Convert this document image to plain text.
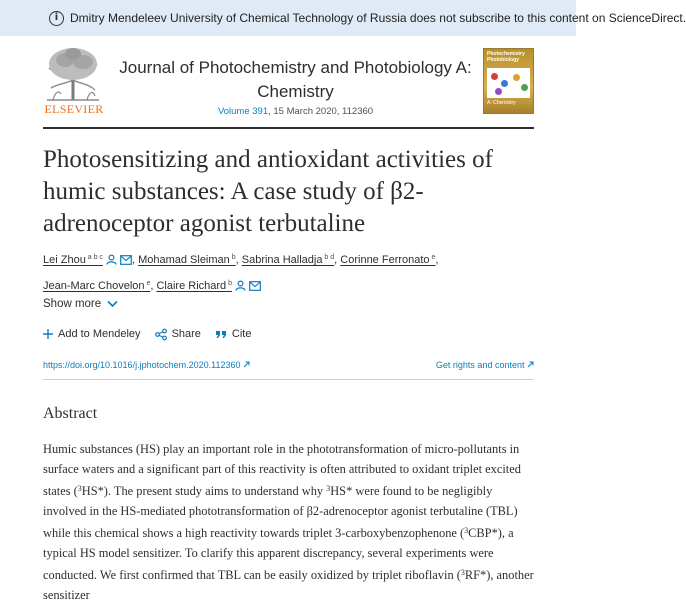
i Dmitry Mendeleev University of Chemical Technology of Russia does not subscribe to this content on ScienceDirect.
ELSEVIER
Journal of Photochemistry and Photobiology A:
Chemistry
Volume 391, 15 March 2020, 112360
Photochemistry Photobiology
A: Chemistry
Photosensitizing and antioxidant activities of humic substances: A case study of β2-adrenoceptor agonist terbutaline
Lei Zhou $^{a b c}$	, Mohamad Sleiman $^b$, Sabrina Halladja $^{b d}$, Corinne Ferronato $^e$,
Jean-Marc Chovelon $^e$, Claire Richard $^b$
Show more
Add to Mendeley	Share	Cite
https://doi.org/10.1016/j.jphotochem.2020.112360	Get rights and content
Abstract

Humic substances (HS) play an important role in the phototransformation of micro-pollutants in surface waters and a significant part of this reactivity is often attributed to oxidant triplet excited states ($^3$HS*). The present study aims to understand why $^3$HS* were found to be negligibly involved in the HS-mediated phototransformation of β2-adrenoceptor agonist terbutaline (TBL) while this chemical shows a high reactivity towards triplet 3-carboxybenzophenone ($^3$CBP*), a typical HS model sensitizer. To clarify this apparent discrepancy, several experiments were conducted. We first confirmed that TBL can be easily oxidized by triplet riboflavin ($^3$RF*), another sensitizer
